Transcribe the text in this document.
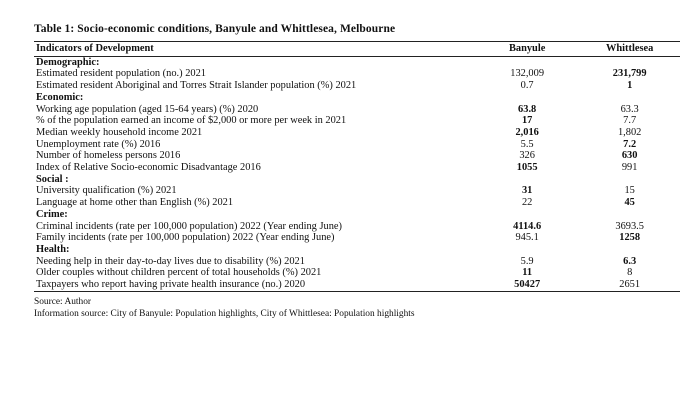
Table 1: Socio-economic conditions, Banyule and Whittlesea, Melbourne
Indicators of Development	Banyule	Whittlesea
Demographic:		
Estimated resident population (no.) 2021	132,009	231,799
Estimated resident Aboriginal and Torres Strait Islander population (%) 2021	0.7	1
Economic:		
Working age population (aged 15-64 years) (%) 2020	63.8	63.3
% of the population earned an income of $2,000 or more per week in 2021	17	7.7
Median weekly household income 2021	2,016	1,802
Unemployment rate (%) 2016	5.5	7.2
Number of homeless persons 2016	326	630
Index of Relative Socio-economic Disadvantage 2016	1055	991
Social :		
University qualification (%) 2021	31	15
Language at home other than English (%) 2021	22	45
Crime:		
Criminal incidents (rate per 100,000 population) 2022 (Year ending June)	4114.6	3693.5
Family incidents (rate per 100,000 population) 2022 (Year ending June)	945.1	1258
Health:		
Needing help in their day-to-day lives due to disability (%) 2021	5.9	6.3
Older couples without children percent of total households (%) 2021	11	8
Taxpayers who report having private health insurance (no.) 2020	50427	2651
Source: Author
Information source: City of Banyule: Population highlights, City of Whittlesea: Population highlights
